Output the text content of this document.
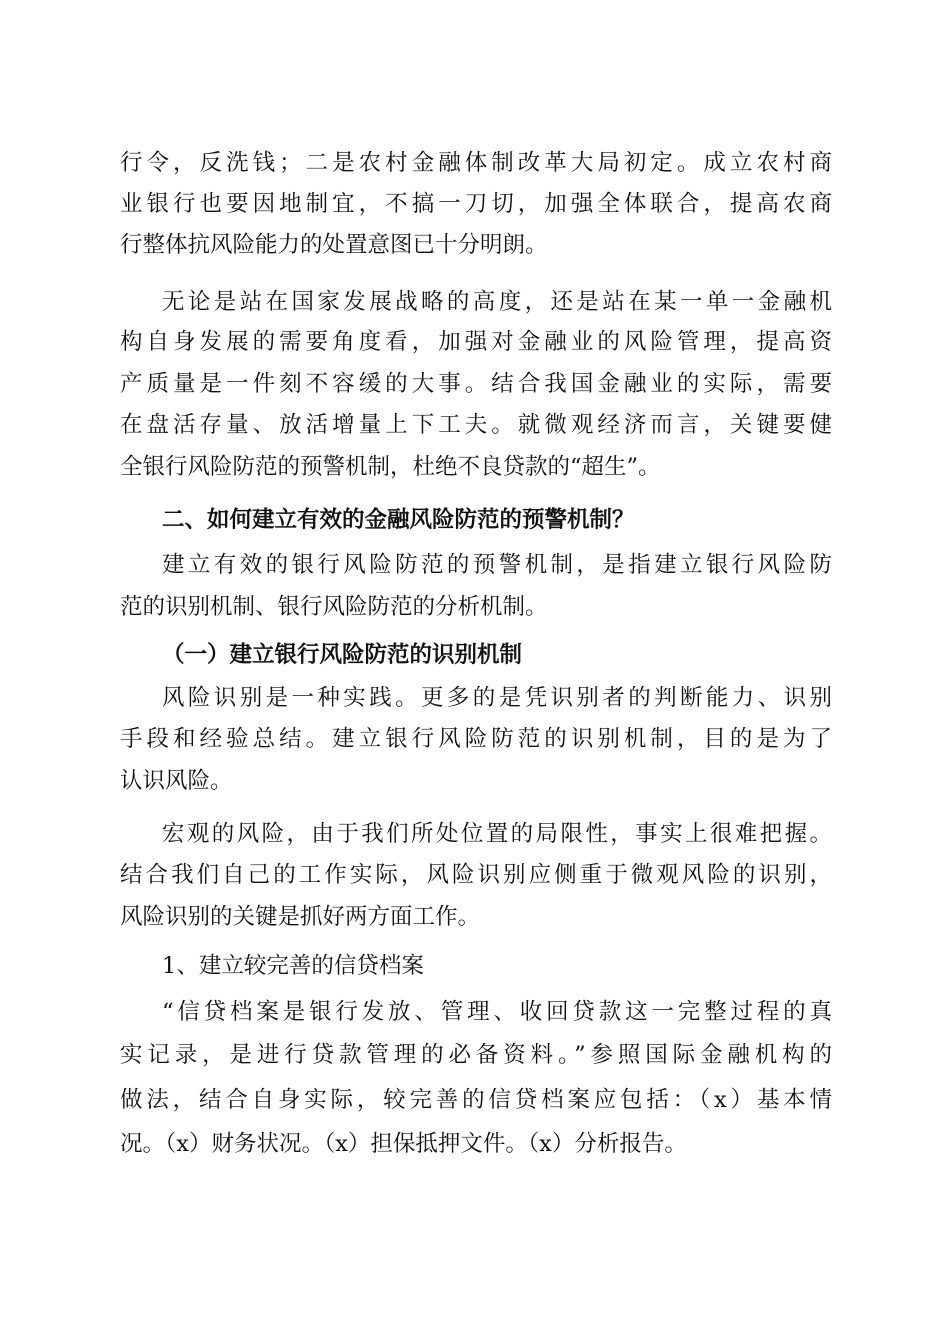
行令，反洗钱；二是农村金融体制改革大局初定。成立农村商
业银行也要因地制宜，不搞一刀切，加强全体联合，提高农商
行整体抗风险能力的处置意图已十分明朗。
无论是站在国家发展战略的高度，还是站在某一单一金融机
构自身发展的需要角度看，加强对金融业的风险管理，提高资
产质量是一件刻不容缓的大事。结合我国金融业的实际，需要
在盘活存量、放活增量上下工夫。就微观经济而言，关键要健
全银行风险防范的预警机制，杜绝不良贷款的“超生”。
二、如何建立有效的金融风险防范的预警机制？
建立有效的银行风险防范的预警机制，是指建立银行风险防
范的识别机制、银行风险防范的分析机制。
（一）建立银行风险防范的识别机制
风险识别是一种实践。更多的是凭识别者的判断能力、识别
手段和经验总结。建立银行风险防范的识别机制，目的是为了
认识风险。
宏观的风险，由于我们所处位置的局限性，事实上很难把握。
结合我们自己的工作实际，风险识别应侧重于微观风险的识别，
风险识别的关键是抓好两方面工作。
1、建立较完善的信贷档案
“信贷档案是银行发放、管理、收回贷款这一完整过程的真
实记录，是进行贷款管理的必备资料。”参照国际金融机构的
做法，结合自身实际，较完善的信贷档案应包括：（x）基本情
况。（x）财务状况。（x）担保抵押文件。（x）分析报告。
